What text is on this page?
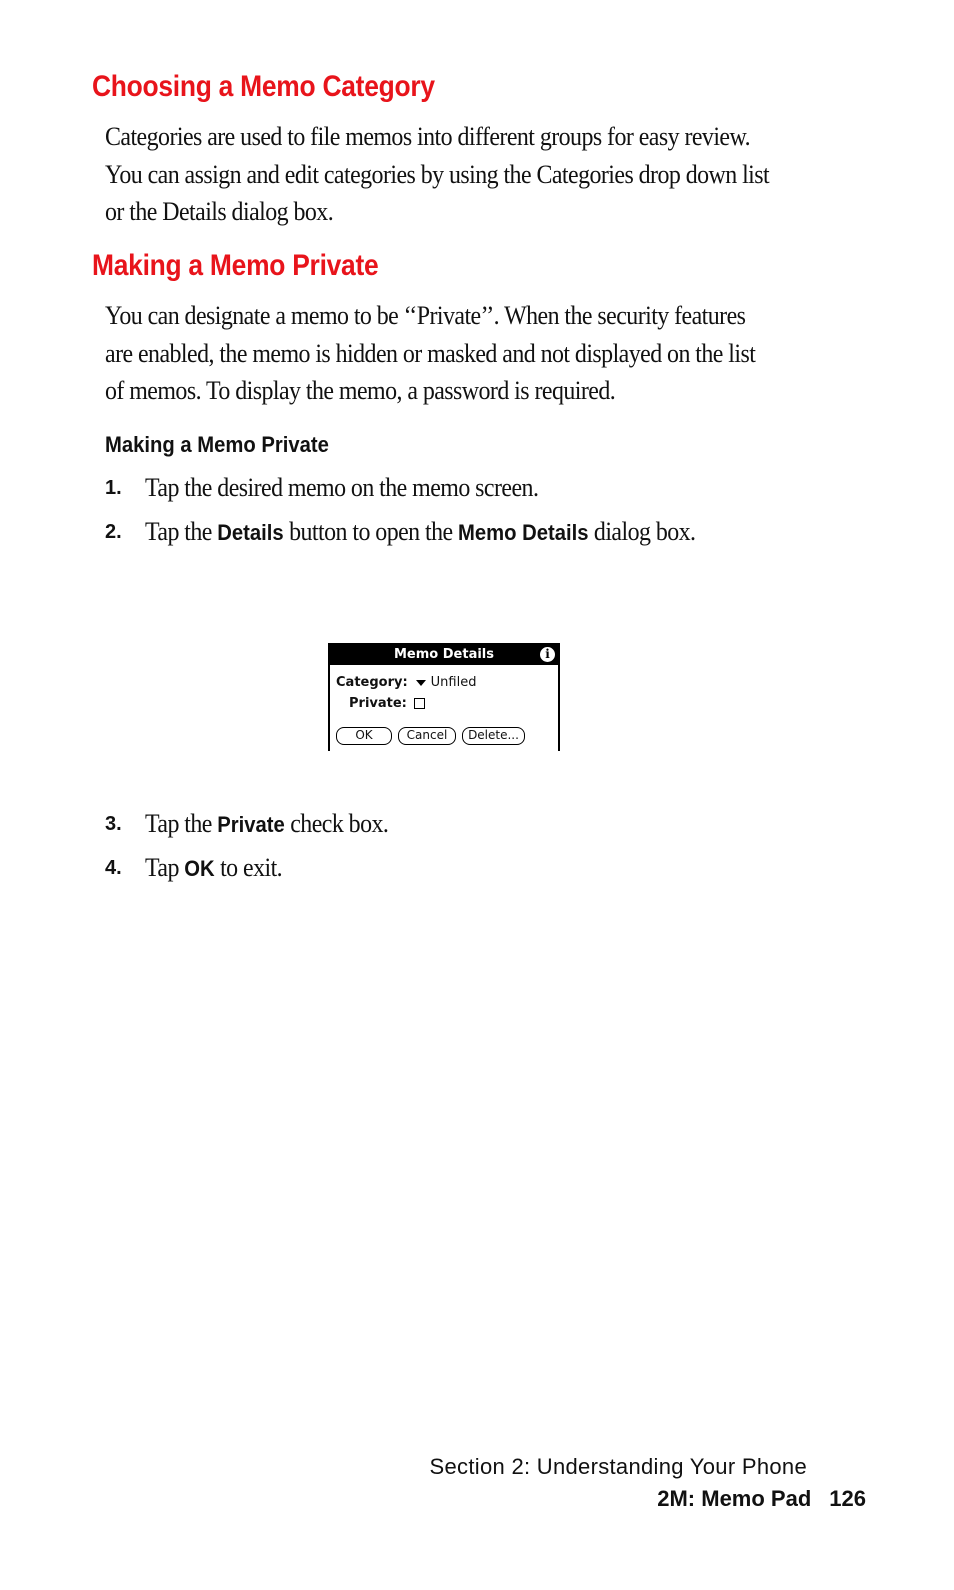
Choosing a Memo Category

Categories are used to file memos into different groups for easy review.
You can assign and edit categories by using the Categories drop down list
or the Details dialog box.

Making a Memo Private

You can designate a memo to be ‘‘Private’’. When the security features
are enabled, the memo is hidden or masked and not displayed on the list
of memos. To display the memo, a password is required.

Making a Memo Private
1. Tap the desired memo on the memo screen.
2. Tap the Details button to open the Memo Details dialog box.
Memo Details	i
Category: Unfiled
Private:
OK	Cancel	Delete...
3. Tap the Private check box.
4. Tap OK to exit.
Section 2: Understanding Your Phone
2M: Memo Pad 126
